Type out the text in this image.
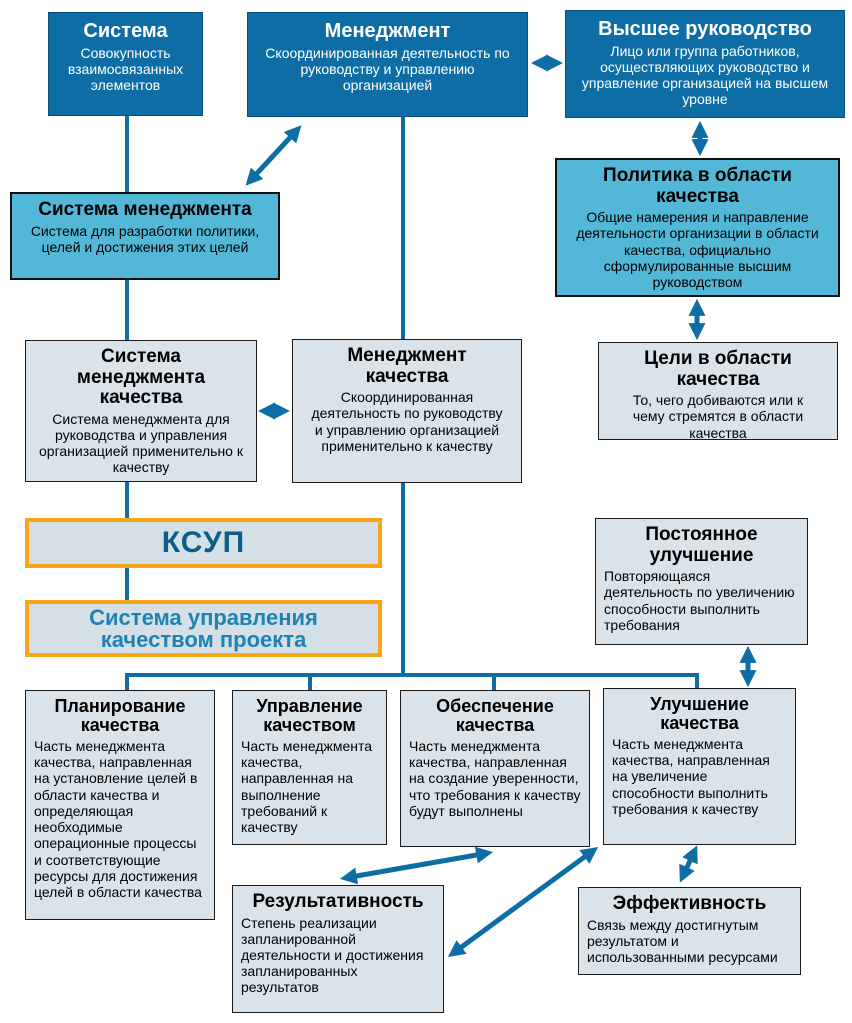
Система
Совокупность взаимосвязанных элементов
Менеджмент
Скоординированная деятельность по руководству и управлению организацией
Высшее руководство
Лицо или группа работников, осуществляющих руководство и управление организацией на высшем уровне
Система менеджмента
Система для разработки политики, целей и достижения этих целей
Политика в области качества
Общие намерения и направление деятельности организации в области качества, официально сформулированные высшим руководством
Система менеджмента качества
Система менеджмента для руководства и управления организацией применительно к качеству
Менеджмент качества
Скоординированная деятельность по руководству и управлению организацией применительно к качеству
Цели в области качества
То, чего добиваются или к чему стремятся в области качества
КСУП
Система управления качеством проекта
Постоянное улучшение
Повторяющаяся деятельность по увеличению способности выполнить требования
Планирование качества
Часть менеджмента качества, направленная на установление целей в области качества и определяющая необходимые операционные процессы и соответствующие ресурсы для достижения целей в области качества
Управление качеством
Часть менеджмента качества, направленная на выполнение требований к качеству
Обеспечение качества
Часть менеджмента качества, направленная на создание уверенности, что требования к качеству будут выполнены
Улучшение качества
Часть менеджмента качества, направленная на увеличение способности выполнить требования к качеству
Результативность
Степень реализации запланированной деятельности и достижения запланированных результатов
Эффективность
Связь между достигнутым результатом и использованными ресурсами
